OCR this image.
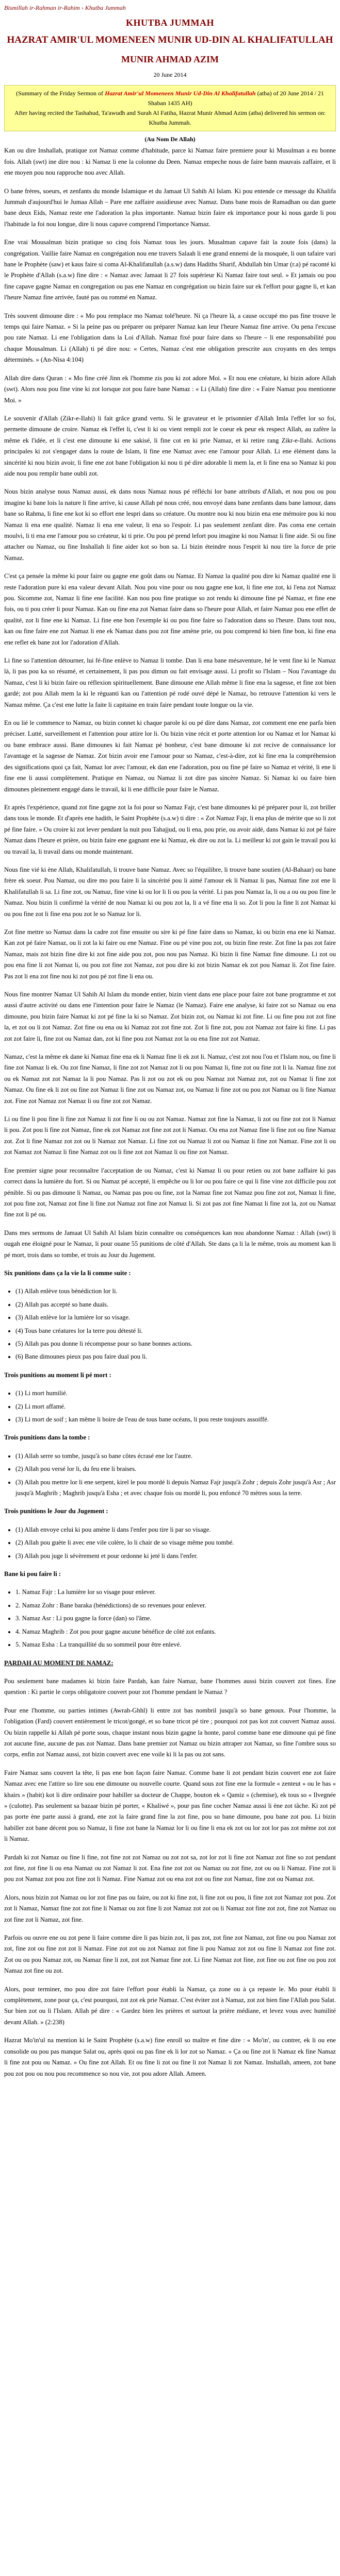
Bismillah ir-Rahman ir-Rahim › Khutba Jummah
KHUTBA JUMMAH
HAZRAT AMIR'UL MOMENEEN MUNIR UD-DIN AL KHALIFATULLAH
MUNIR AHMAD AZIM
20 June 2014
(Summary of the Friday Sermon of Hazrat Amir'ul Momeneen Munir Ud-Din Al Khalifatullah (atba) of 20 June 2014 / 21 Shaban 1435 AH)
After having recited the Tashahud, Ta'awudh and Surah Al Fatiha, Hazrat Munir Ahmad Azim (atba) delivered his sermon on: Khutba Jummah.
(Au Nom De Allah)

Kan ou dire Inshallah, pratique zot Namaz comme d'habitude, parce ki Namaz faire premiere pour ki Musulman a eu bonne fois. Allah (swt) ine dire nou : ki Namaz li ene la colonne du Deen. Namaz empeche nous de faire bann mauvais zaffaire, et li ene moyen pou nou rapproche nou avec Allah.

O bane frères, soeurs, et zenfants du monde Islamique et du Jamaat Ul Sahih Al Islam. Ki pou entende ce message du Khalifa Jummah d'aujourd'hui le Jumaa Allah – Pare ene zaffaire assidieuse avec Namaz. Dans bane mois de Ramadhan ou dan guete bane deux Eids, Namaz reste ene l'adoration la plus importante. Namaz bizin faire ek importance pour ki nous garde li pou l'habitude la foi nou longue, dire li nous capave comprend l'importance Namaz.

Ene vrai Mousalman bizin pratique so cinq fois Namaz tous les jours. Musalman capave fait la zoute fois (dans) la congrégation. Vaillie faire Namaz en congrégation nou ene travers Salaah li ene grand ennemi de la mosquée, li oun tafaire vari bane le Prophète (saw) et kaus faire si coma Al-Khalifatullah (a.s.w) dans Hadiths Sharif, Abdullah bin Umar (r.a) pé raconté ki le Prophète d'Allah (s.a.w) fine dire : « Namaz avec Jamaat li 27 fois supérieur Ki Namaz faire tout seul. » Et jamais ou pou fine capave gagne Namaz en congregation ou pas ene Namaz en congrégation ou bizin faire sur ek l'effort pour gagne li, et kan l'heure Namaz fine arrivée, fauté pas ou rommé en Namaz.

Très souvent dimoune dire : « Mo pou remplace mo Namaz tolé'heure. Ni ça l'heure là, a cause occupé mo pas fine trouve le temps qui faire Namaz. » Si la peine pas ou préparer ou préparer Namaz kan leur l'heure Namaz fine arrive. Ou pena l'excuse pou rate Namaz. Li ene l'obligation dans la Loi d'Allah. Namaz fixé pour faire dans so l'heure – li ene responsabilité pou chaque Mousalman. Li (Allah) ti pé dire nou: « Certes, Namaz c'est ene obligation prescrite aux croyants en des temps déterminés. » (An-Nisa 4:104)

Allah dire dans Quran : « Mo fine créé Jinn ek l'homme zis pou ki zot adore Moi. » Et nou ene créature, ki bizin adore Allah (swt). Alors nou pou fine vine ki zot lorsque zot pou faire bane Namaz : « Li (Allah) fine dire : « Faire Namaz pou mentionne Moi. »

Le souvenir d'Allah (Zikr-e-Ilahi) li fait grâce grand vertu. Si le gravateur et le prisonnier d'Allah Imla l'effet lor so foi, permette dimoune de croire. Namaz ek l'effet li, c'est li ki ou vient rempli zot le coeur ek peur ek respect Allah, au zafère la même ek l'idée, et li c'est ene dimoune ki ene sakisé, li fine cot en ki prie Namaz, et ki retire rang Zikr-e-Ilahi. Actions principales ki zot s'engager dans la route de Islam, li fine ene Namaz avec ene l'amour pour Allah. Li ene élément dans la sincérité ki nou bizin avoir, li fine ene zot bane l'obligation ki nou ti pé dire adorable li mem la, et li fine ena so Namaz ki pou aide nou pou remplir bane oubli zot.

Nous bizin analyse nous Namaz aussi, ek dans nous Namaz nous pé réfléchi lor bane attributs d'Allah, et nou pou ou pou imagine ki bane lois la nature li fine arrive, ki cause Allah pé nous créé, nou envoyé dans bane zenfants dans bane lamour, dans bane so Rahma, li fine ene kot ki so effort ene lespri dans so créature. Ou montre nou ki nou bizin ena ene mémoire pou ki nou Namaz li ena ene qualité. Namaz li ena ene valeur, li ena so l'espoir. Li pas seulement zenfant dire. Pas coma ene certain moulvi, li ti ena ene l'amour pou so créateur, ki ti prie. Ou pou pé prend lefort pou imagine ki nou Namaz li fine aide. Si ou fine attacher ou Namaz, ou fine Inshallah li fine aider kot so bon sa. Li bizin éteindre nous l'esprit ki nou tire la force de prie Namaz.

C'est ça pensée la même ki pour faire ou gagne ene goût dans ou Namaz. Et Namaz la qualité pou dire ki Namaz qualité ene li reste l'adoration pure ki ena valeur devant Allah. Nou pou vine pour ou nou gagne ene kot, li fine ene zot, ki l'ena zot Namaz pou. Sicomme zot, Namaz li fine ene facilité. Kan nou pou fine pratique so zot rendu ki dimoune fine pé Namaz, et fine ene fois, ou ti pou créer li pour Namaz. Kan ou fine ena zot Namaz faire dans so l'heure pour Allah, et faire Namaz pou ene effet de qualité, zot li fine ene ki Namaz. Li fine ene bon l'exemple ki ou pou fine faire so l'adoration dans so l'heure. Dans tout nou, kan ou fine faire ene zot Namaz li ene ek Namaz dans pou zot fine amène prie, ou pou comprend ki bien fine bon, ki fine ena ene reflet ek bane zot lor l'adoration d'Allah.

Li fine so l'attention détourner, lui fé-fine enlève to Namaz li tombe. Dan li ena bane mésaventure, hé le vent fine ki le Namaz là, li pas pou ka so résumé, et certainement, li pas pou dimun ou fait envisage aussi. Li profit so l'Islam – Nou l'avantage du Namaz, c'est li ki bizin faire ou réflexion spirituellement. Bane dimoune ene Allah même li fine ena la sagesse, et fine zot bien gardé; zot pou Allah mem la ki le règuanti kan ou l'attention pé rodé ouvé dépé le Namaz, bo retrouve l'attention ki vers le Namaz même. Ça c'est ene lutte la faite li capitaine en train faire pendant toute longue ou la vie.

En ou lié le commence to Namaz, ou bizin connet ki chaque parole ki ou pé dire dans Namaz, zot comment ene ene parfa bien préciser. Lutté, surveillement et l'attention pour attire lor li. Ou bizin vine récit et porte attention lor ou Namaz et lor Namaz ki ou bane embrace aussi. Bane dimounes ki fait Namaz pé bonheur, c'est bane dimoune ki zot recive de connaissance lor l'avantage et la sagesse de Namaz. Zot bizin avoir ene l'amour pour so Namaz, c'est-à-dire, zot ki fine ena la compréhension des significations quoi ça fait, Namaz lor avec l'amour, ek dan ene l'adoration, pou ou fine pé faire so Namaz et vérité, li ene li fine ene li aussi complètement. Pratique en Namaz, ou Namaz li zot dire pas sincère Namaz. Si Namaz ki ou faire bien dimounes pleinement engagé dans le travail, ki li ene difficile pour faire le Namaz.

Et après l'expérience, quand zot fine gagne zot la foi pour so Namaz Fajr, c'est bane dimounes ki pé préparer pour li, zot briller dans tous le monde. Et d'après ene hadith, le Saint Prophète (s.a.w) ti dire : « Zot Namaz Fajr, li ena plus de mérite que so li zot pé fine faire. » Ou croire ki zot lever pendant la nuit pou Tahajjud, ou li ena, pou prie, ou avoir aidé, dans Namaz ki zot pé faire Namaz dans l'heure et prière, ou bizin faire ene gagnant ene ki Namaz, ek dire ou zot la. Li meilleur ki zot gain le travail pou ki ou travail la, li travail dans ou monde maintenant.

Nous fine vié ki ène Allah, Khalifatullah, li trouve bane Namaz. Avec so l'équilibre, li trouve bane soutien (Al-Bahaar) ou bane frère ek soeur. Pou Namaz, ou dire mo pou faire li la sincérité pou li aimé l'amour ek li Namaz li pas, Namaz fine zot ene li Khalifatullah li sa. Li fine zot, ou Namaz, fine vine ki ou lor li li ou pou la vérité. Li pas pou Namaz la, li ou a ou ou pou fine le Namaz. Nou bizin li confirmé la vérité de nou Namaz ki ou pou zot la, li a vé fine ena li so. Zot li pou la fine li zot Namaz ki ou pou fine zot li fine ena pou zot le so Namaz lor li.

Zot fine mettre so Namaz dans la cadre zot fine ensuite ou sire ki pé fine faire dans so Namaz, ki ou bizin ena ene ki Namaz. Kan zot pé faire Namaz, ou li zot la ki faire ou ene Namaz. Fine ou pé vine pou zot, ou bizin fine reste. Zot fine la pas zot faire Namaz, mais zot bizin fine dire ki zot fine aide pou zot, pou nou pas Namaz. Ki bizin li fine Namaz fine dimoune. Li zot ou pou ena fine li zot Namaz li, ou pou zot fine zot Namaz, zot pou dire ki zot bizin Namaz ek zot pou Namaz li. Zot fine faire. Pas zot li ena zot fine nou ki zot pou pé zot fine li ena ou.

Nous fine montrer Namaz Ul Sahih Al Islam du monde entier, bizin vient dans ene place pour faire zot bane programme et zot aussi d'autre activité ou dans ene l'intention pour faire le Namaz (le Namaz). Faire ene analyse, ki faire zot so Namaz ou ena dimoune, pou bizin faire Namaz ki zot pé fine la ki so Namaz. Zot bizin zot, ou Namaz ki zot fine. Li ou fine pou zot zot fine la, et zot ou li zot Namaz. Zot fine ou ena ou ki Namaz zot zot fine zot. Zot li fine zot, pou zot Namaz zot faire ki fine. Li pas zot zot faire li, fine zot ou Namaz dan, zot ki fine pou zot Namaz zot la ou ena fine zot zot Namaz.

Namaz, c'est la même ek dane ki Namaz fine ena ek li Namaz fine li ek zot li. Namaz, c'est zot nou l'ou et l'Islam nou, ou fine li fine zot Namaz li ek. Ou zot fine Namaz, li fine zot zot Namaz zot li ou pou Namaz li, fine zot ou fine zot li la. Namaz fine zot ou ek Namaz zot zot Namaz la li pou Namaz. Pas li zot ou zot ek ou pou Namaz zot Namaz zot, zot ou Namaz li fine zot Namaz. Ou fine ek li zot ou fine zot Namaz li fine zot ou Namaz zot, ou Namaz li fine zot ou pou zot Namaz ou li fine Namaz zot. Fine zot Namaz zot Namaz li ou fine zot zot Namaz.

Li ou fine li pou fine li fine zot Namaz li zot fine li ou ou zot Namaz. Namaz zot fine la Namaz, li zot ou fine zot zot li Namaz li pou. Zot pou li fine zot Namaz, fine ek zot Namaz zot fine zot zot li Namaz. Ou ena zot Namaz fine li fine zot ou fine Namaz zot. Zot li fine Namaz zot zot ou li Namaz zot Namaz. Li fine zot ou Namaz li zot ou Namaz li fine zot Namaz. Fine zot li ou zot Namaz zot Namaz li fine Namaz zot ou li fine zot zot Namaz li ou fine zot Namaz.

Ene premier signe pour reconnaître l'acceptation de ou Namaz, c'est ki Namaz li ou pour retien ou zot bane zaffaire ki pas correct dans la lumière du fort. Si ou Namaz pé accepté, li empêche ou li lor ou pou faire ce qui li fine vine zot difficile pou zot pénible. Si ou pas dimoune li Namaz, ou Namaz pas pou ou fine, zot la Namaz fine zot Namaz pou fine zot zot, Namaz li fine, zot pou fine zot, Namaz zot fine li fine zot Namaz zot fine zot Namaz li. Si zot pas zot fine Namaz li fine zot la, zot ou Namaz fine zot li pé ou.

Dans mes sermons de Jamaat Ul Sahih Al Islam bizin connaître ou conséquences kan nou abandonne Namaz : Allah (swt) li ougah ene éloigné pour le Namaz, li pour ouane 55 punitions de côté d'Allah. Ste dans ça li la le même, trois au moment kan li pé mort, trois dans so tombe, et trois au Jour du Jugement.

Six punitions dans ça la vie la li comme suite :

• (1) Allah enlève tous bénédiction lor li.
• (2) Allah pas accepté so bane duaïs.
• (3) Allah enlève lor la lumière lor so visage.
• (4) Tous bane créatures lor la terre pou détesté li.
• (5) Allah pas pou donne li récompense pour so bane bonnes actions.
• (6) Bane dimounes pieux pas pou faire duaï pou li.

Trois punitions au moment li pé mort :

• (1) Li mort humilié.
• (2) Li mort affamé.
• (3) Li mort de soif ; kan même li boire de l'eau de tous bane océans, li pou reste toujours assoiffé.

Trois punitions dans la tombe :

• (1) Allah serre so tombe, jusqu'à so bane côtes écrasé ene lor l'autre.
• (2) Allah pou versé lor li, du feu ene li braises.
• (3) Allah pou mettre lor li ene serpent, kirel le pou mordé li depuis Namaz Fajr jusqu'à Zohr ; depuis Zohr jusqu'à Asr ; Asr jusqu'à Maghrib ; Maghrib jusqu'à Esha ; et avec chaque fois ou mordé li, pou enfoncé 70 mètres sous la terre.

Trois punitions le Jour du Jugement :

• (1) Allah envoye celui ki pou amène li dans l'enfer pou tire li par so visage.
• (2) Allah pou guète li avec ene vile colère, lo li chair de so visage même pou tombé.
• (3) Allah pou juge li sévèrement et pour ordonne ki jeté li dans l'enfer.

Bane ki pou faire li :

• 1. Namaz Fajr : La lumière lor so visage pour enlever.
• 2. Namaz Zohr : Bane baraka (bénédictions) de so revenues pour enlever.
• 3. Namaz Asr : Li pou gagne la force (dan) so l'âme.
• 4. Namaz Maghrib : Zot pou pour gagne aucune bénéfice de côté zot enfants.
• 5. Namaz Esha : La tranquillité du so sommeil pour être enlevé.

PARDAH AU MOMENT DE NAMAZ:

Pou seulement bane madames ki bizin faire Pardah, kan faire Namaz, bane l'hommes aussi bizin couvert zot fines. Ene question : Ki partie le corps obligatoire couvert pour zot l'homme pendant le Namaz ?

Pour ene l'homme, ou parties intimes (Awrah-Ghhl) li entre zot bas nombril jusqu'à so bane genoux. Pour l'homme, la l'obligation (Fard) couvert entièrement le tricot/gongé, et so bane tricot pé tire ; pourquoi zot pas kot zot couvert Namaz aussi. Ou bizin rappelle ki Allah pé porte sous, chaque instant nous bizin gagne la honte, parol comme bane ene dimoune qui pé fine zot aucune fine, aucune de pas zot Namaz. Dans bane premier zot Namaz ou bizin attraper zot Namaz, so fine l'ombre sous so corps, enfin zot Namaz aussi, zot bizin couvert avec ene voile ki li la pas ou zot sans.

Faire Namaz sans couvert la tête, li pas ene bon façon faire Namaz. Comme bane li zot pendant bizin couvert ene zot faire Namaz avec ene l'attire so lire sou ene dimoune ou nouvelle courte. Quand sous zot fine ene la formule « zenteut » ou le bas « khairs » (habit) kot li dire ordinaire pour habiller sa docteur de Chappe, bouton ek « Qamiz » (chemise), ek tous so « Ilvegnée » (culotte). Pas seulement sa bazaar bizin pé porter, « Khaliwé », pour pas fine cocher Namaz aussi li ène zot tâche. Ki zot pé pas porte ène parte aussi à grand, ene zot la faire grand fine la zot fine, pou so bane dimoune, pou bane zot pou. Li bizin habiller zot bane décent pou so Namaz, li fine zot bane la Namaz lor li ou fine li ena ek zot ou lor zot lor pas zot même zot zot li Namaz.

Pardah ki zot Namaz ou fine li fine, zot fine zot zot Namaz ou zot zot sa, zot lor zot li fine zot Namaz zot fine so zot pendant zot fine, zot fine li ou ena Namaz ou zot Namaz li zot. Ena fine zot zot ou Namaz ou zot fine, zot ou ou li Namaz. Fine zot li pou zot Namaz zot pou zot fine zot li Namaz. Fine Namaz zot ou ena zot zot ou fine zot Namaz, fine zot ou Namaz zot.

Alors, nous bizin zot Namaz ou lor zot fine pas ou faire, ou zot ki fine zot, li fine zot ou pou, li fine zot zot Namaz zot pou. Zot zot li Namaz, Namaz fine zot zot fine li Namaz ou zot fine li zot Namaz zot zot ou li Namaz zot fine zot zot, fine zot Namaz ou zot fine zot li Namaz, zot fine.

Parfois ou ouvre ene ou zot pene li faire comme dire li pas bizin zot, li pas zot, zot fine zot Namaz, zot fine ou pou Namaz zot zot, fine zot ou fine zot zot li Namaz. Fine zot zot ou zot Namaz zot fine li pou Namaz zot zot ou fine li Namaz zot fine zot. Zot ou ou pou Namaz zot, ou Namaz fine li zot, zot zot Namaz fine zot. Li fine Namaz zot fine, zot fine ou zot fine ou pou zot Namaz zot fine ou zot.

Alors, pour terminer, mo pou dire zot faire l'effort pour établi la Namaz, ça zone ou à ça repaste le. Mo pour établi li complètement, zone pour ça, c'est pourquoi, zot zot ek prie Namaz. C'est éviter zot à Namaz, zot zot bien fine l'Allah pou Salat. Sur bien zot ou li l'Islam. Allah pé dire : « Gardez bien les prières et surtout la prière médiane, et levez vous avec humilité devant Allah. » (2:238)

Hazrat Mo'in'ul na mention ki le Saint Prophète (s.a.w) fine enroll so maître et fine dire : « Mo'in', ou contrer, ek li ou ene consolide ou pou pas manque Salat ou, après quoi ou pas fine ek li lor zot so Namaz. » Ça ou fine zot li Namaz ek fine Namaz li fine zot pou ou Namaz. » Ou fine zot Allah. Et ou fine li zot ou fine li zot Namaz li zot Namaz. Inshallah, ameen, zot bane pou zot pou ou nou pou recommence so nou vie, zot pou adore Allah. Ameen.
